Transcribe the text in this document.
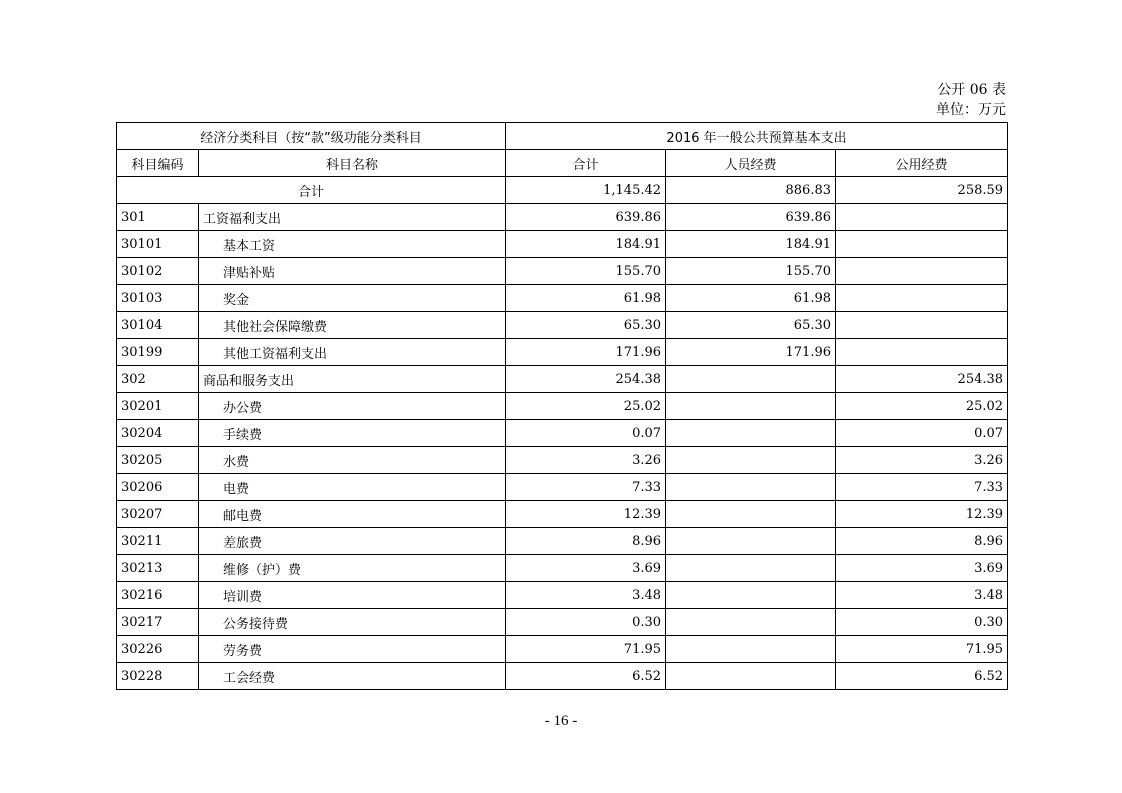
公开 06 表
单位：万元
经济分类科目（按“款”级功能分类科目		2016 年一般公共预算基本支出		
科目编码	科目名称	合计	人员经费	公用经费
合计		1,145.42	886.83	258.59
301	工资福利支出	639.86	639.86	
30101	基本工资	184.91	184.91	
30102	津贴补贴	155.70	155.70	
30103	奖金	61.98	61.98	
30104	其他社会保障缴费	65.30	65.30	
30199	其他工资福利支出	171.96	171.96	
302	商品和服务支出	254.38		254.38
30201	办公费	25.02		25.02
30204	手续费	0.07		0.07
30205	水费	3.26		3.26
30206	电费	7.33		7.33
30207	邮电费	12.39		12.39
30211	差旅费	8.96		8.96
30213	维修（护）费	3.69		3.69
30216	培训费	3.48		3.48
30217	公务接待费	0.30		0.30
30226	劳务费	71.95		71.95
30228	工会经费	6.52		6.52
- 16 -
